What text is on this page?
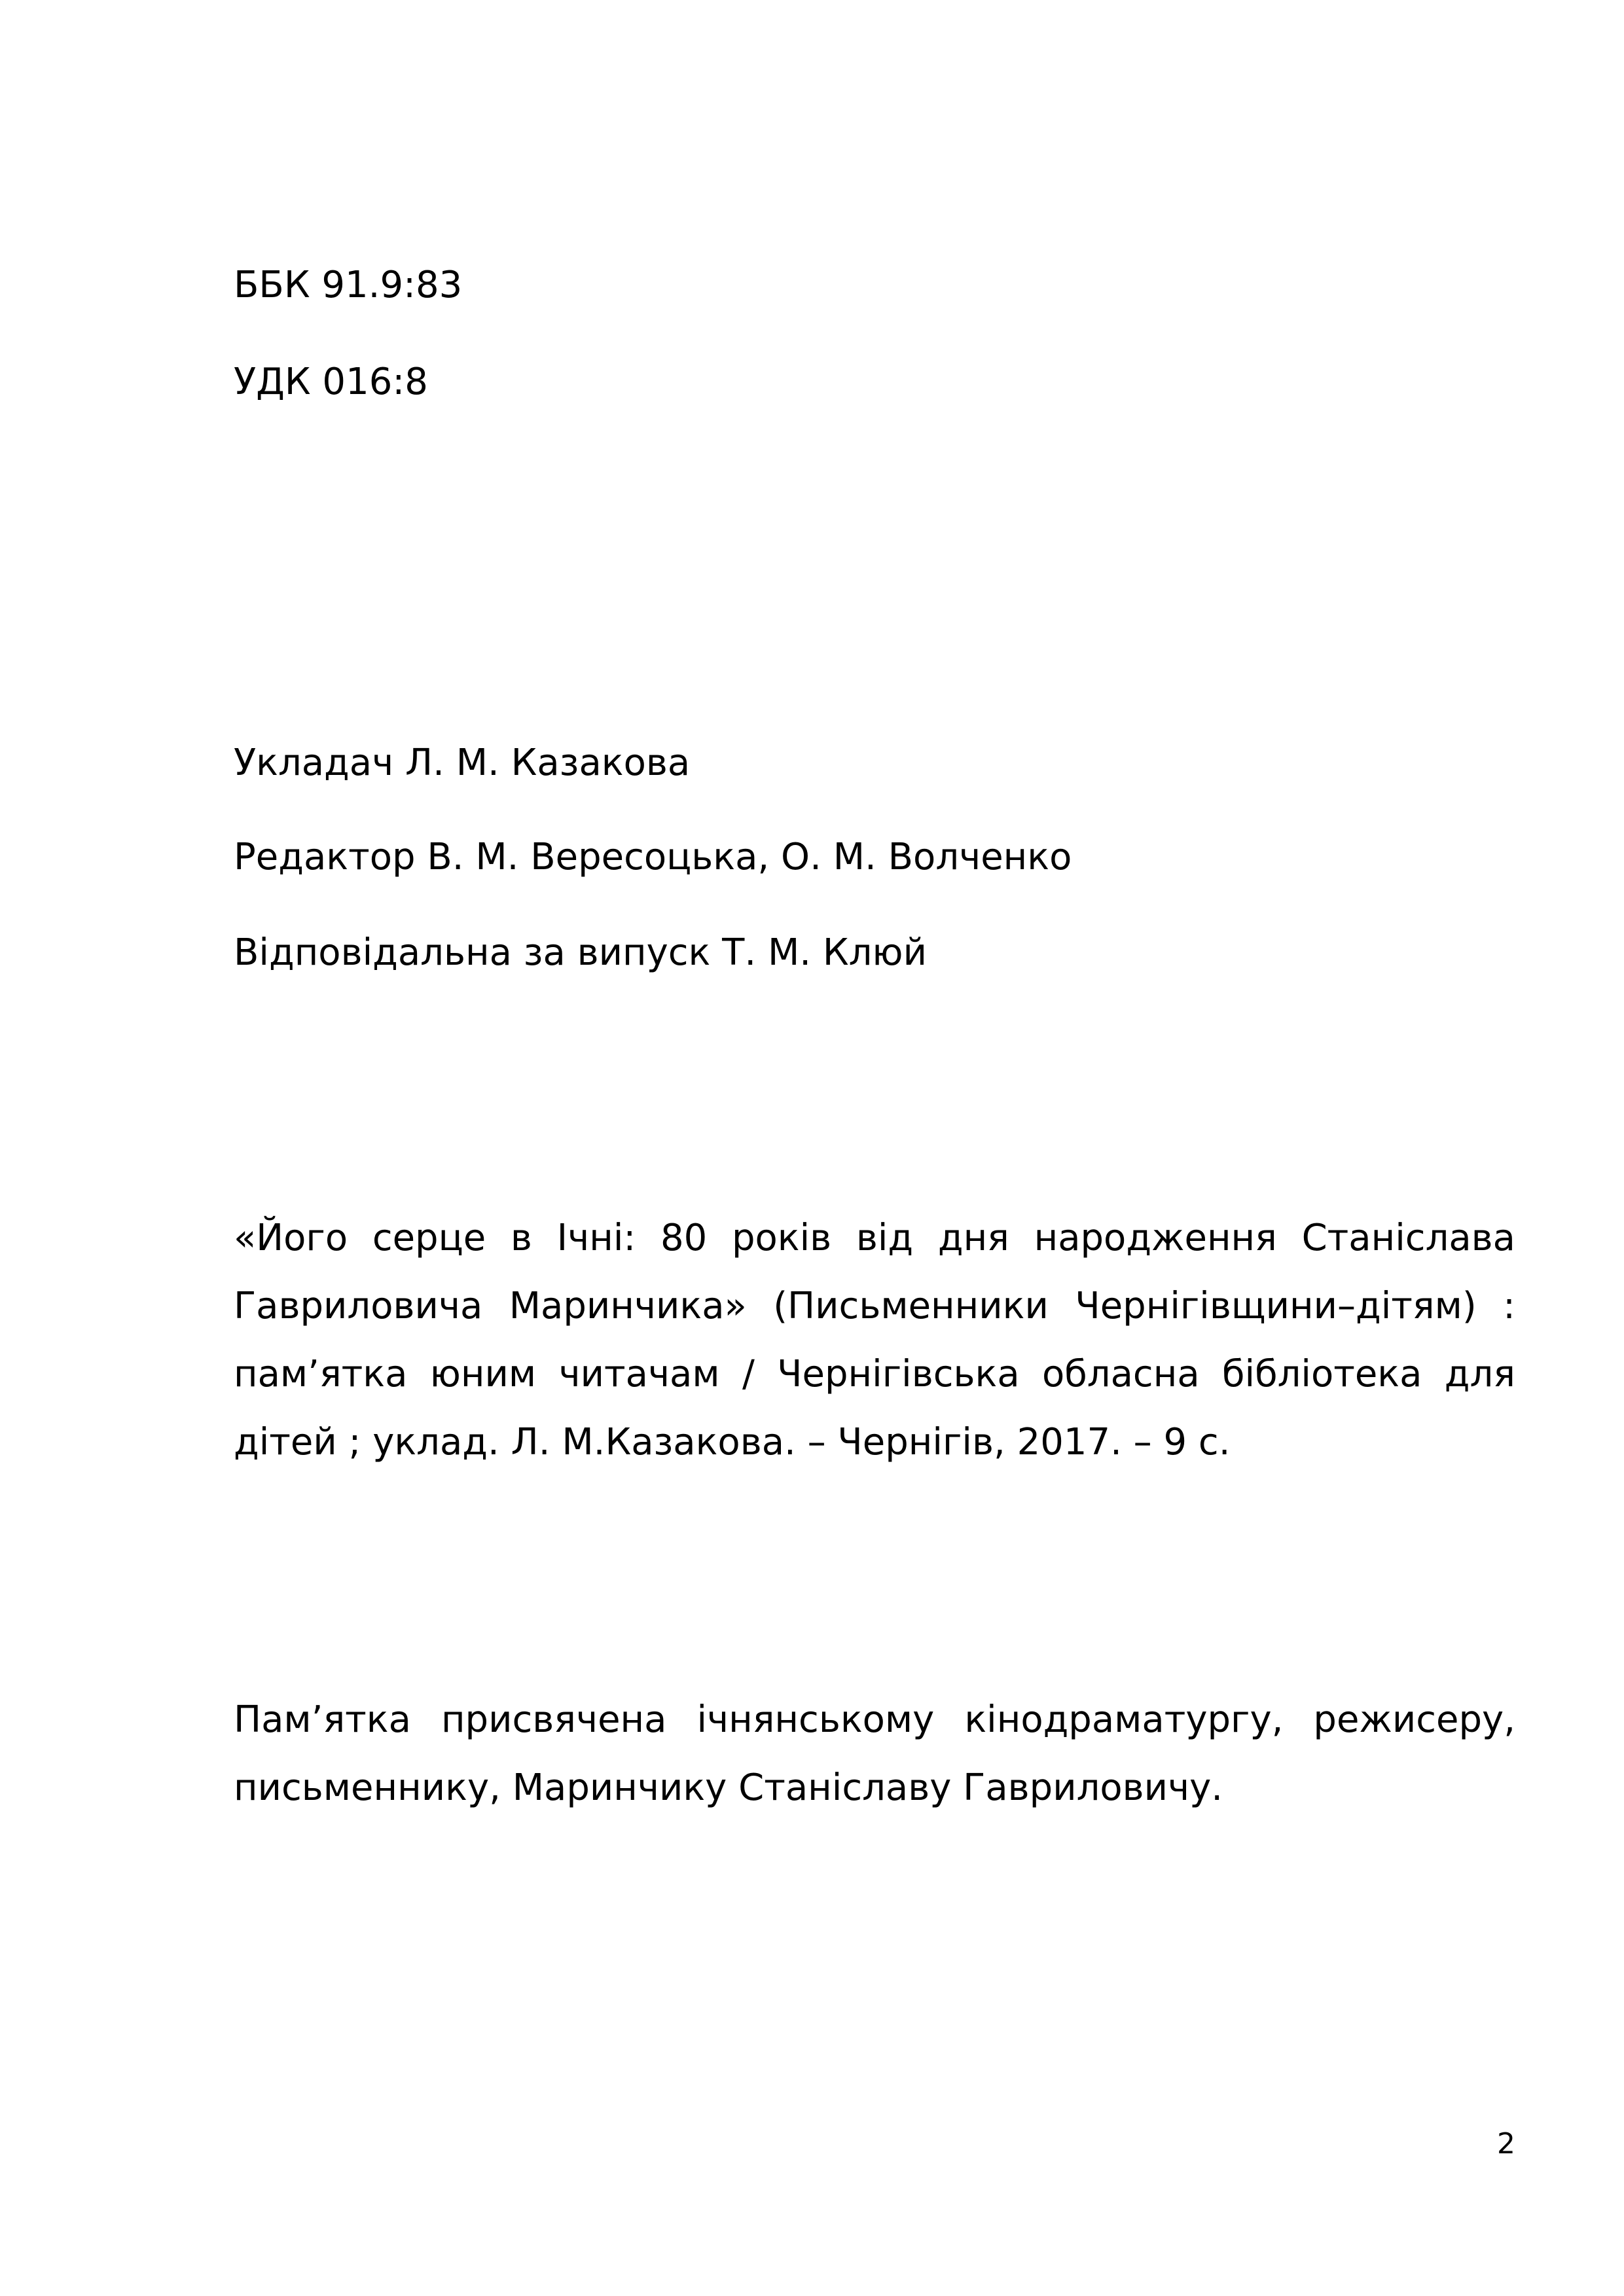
ББК 91.9:83
УДК 016:8
Укладач Л. М. Казакова
Редактор В. М. Вересоцька, О. М. Волченко
Відповідальна за випуск Т. М. Клюй
«Його серце в Ічні: 80 років від дня народження Станіслава
Гавриловича Маринчика» (Письменники Чернігівщини–дітям) :
пам’ятка юним читачам / Чернігівська обласна бібліотека для
дітей ; уклад. Л. М.Казакова. – Чернігів, 2017. – 9 с.
Пам’ятка присвячена ічнянському кінодраматургу, режисеру,
письменнику, Маринчику Станіславу Гавриловичу.
2
